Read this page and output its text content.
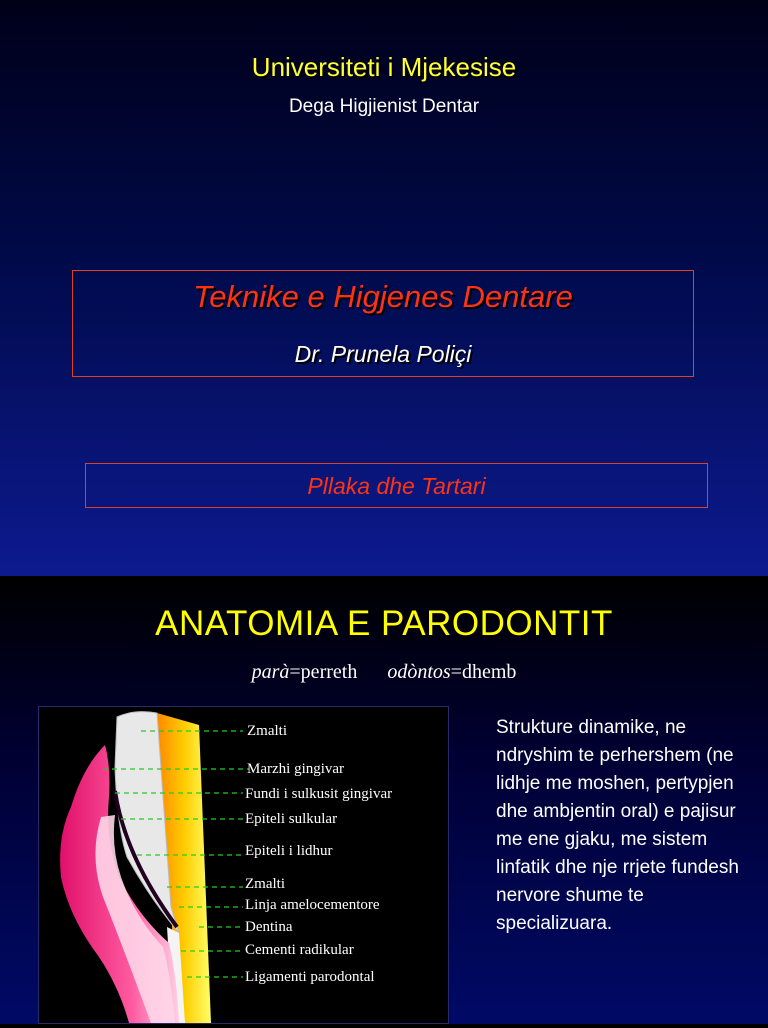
Universiteti i Mjekesise
Dega Higjienist Dentar
Teknike e Higjenes Dentare
Dr. Prunela Poliçi
Pllaka dhe Tartari
ANATOMIA E PARODONTIT
parà=perreth odòntos=dhemb
Zmalti
Marzhi gingivar
Fundi i sulkusit gingivar
Epiteli sulkular
Epiteli i lidhur
Zmalti
Linja amelocementore
Dentina
Cementi radikular
Ligamenti parodontal
Strukture dinamike, ne ndryshim te perhershem (ne lidhje me moshen, pertypjen dhe ambjentin oral) e pajisur me ene gjaku, me sistem linfatik dhe nje rrjete fundesh nervore shume te specializuara.
